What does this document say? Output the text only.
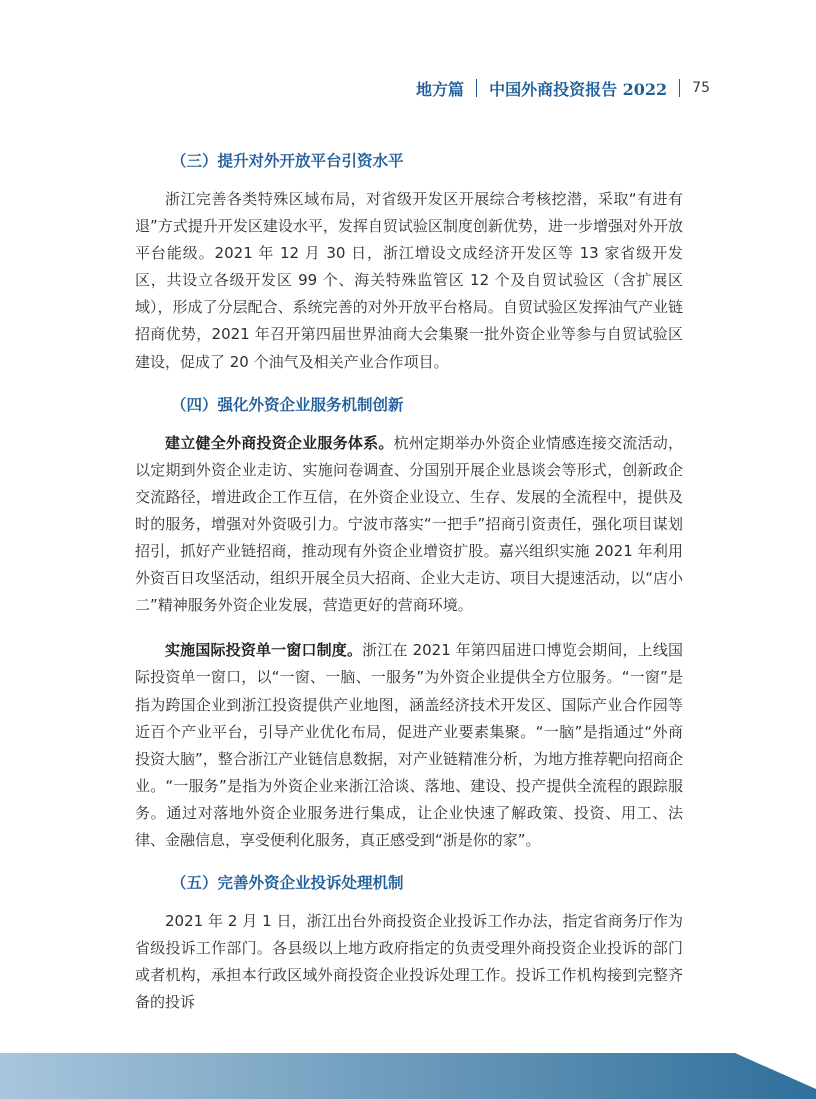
地方篇 中国外商投资报告 2022 75
（三）提升对外开放平台引资水平

浙江完善各类特殊区域布局，对省级开发区开展综合考核挖潜，采取“有进有退”方式提升开发区建设水平，发挥自贸试验区制度创新优势，进一步增强对外开放平台能级。2021 年 12 月 30 日，浙江增设文成经济开发区等 13 家省级开发区，共设立各级开发区 99 个、海关特殊监管区 12 个及自贸试验区（含扩展区域），形成了分层配合、系统完善的对外开放平台格局。自贸试验区发挥油气产业链招商优势，2021 年召开第四届世界油商大会集聚一批外资企业等参与自贸试验区建设，促成了 20 个油气及相关产业合作项目。

（四）强化外资企业服务机制创新

建立健全外商投资企业服务体系。杭州定期举办外资企业情感连接交流活动，以定期到外资企业走访、实施问卷调查、分国别开展企业恳谈会等形式，创新政企交流路径，增进政企工作互信，在外资企业设立、生存、发展的全流程中，提供及时的服务，增强对外资吸引力。宁波市落实“一把手”招商引资责任，强化项目谋划招引，抓好产业链招商，推动现有外资企业增资扩股。嘉兴组织实施 2021 年利用外资百日攻坚活动，组织开展全员大招商、企业大走访、项目大提速活动，以“店小二”精神服务外资企业发展，营造更好的营商环境。

实施国际投资单一窗口制度。浙江在 2021 年第四届进口博览会期间，上线国际投资单一窗口，以“一窗、一脑、一服务”为外资企业提供全方位服务。“一窗”是指为跨国企业到浙江投资提供产业地图，涵盖经济技术开发区、国际产业合作园等近百个产业平台，引导产业优化布局，促进产业要素集聚。“一脑”是指通过“外商投资大脑”，整合浙江产业链信息数据，对产业链精准分析，为地方推荐靶向招商企业。“一服务”是指为外资企业来浙江洽谈、落地、建设、投产提供全流程的跟踪服务。通过对落地外资企业服务进行集成，让企业快速了解政策、投资、用工、法律、金融信息，享受便利化服务，真正感受到“浙是你的家”。

（五）完善外资企业投诉处理机制

2021 年 2 月 1 日，浙江出台外商投资企业投诉工作办法，指定省商务厅作为省级投诉工作部门。各县级以上地方政府指定的负责受理外商投资企业投诉的部门或者机构，承担本行政区域外商投资企业投诉处理工作。投诉工作机构接到完整齐备的投诉
